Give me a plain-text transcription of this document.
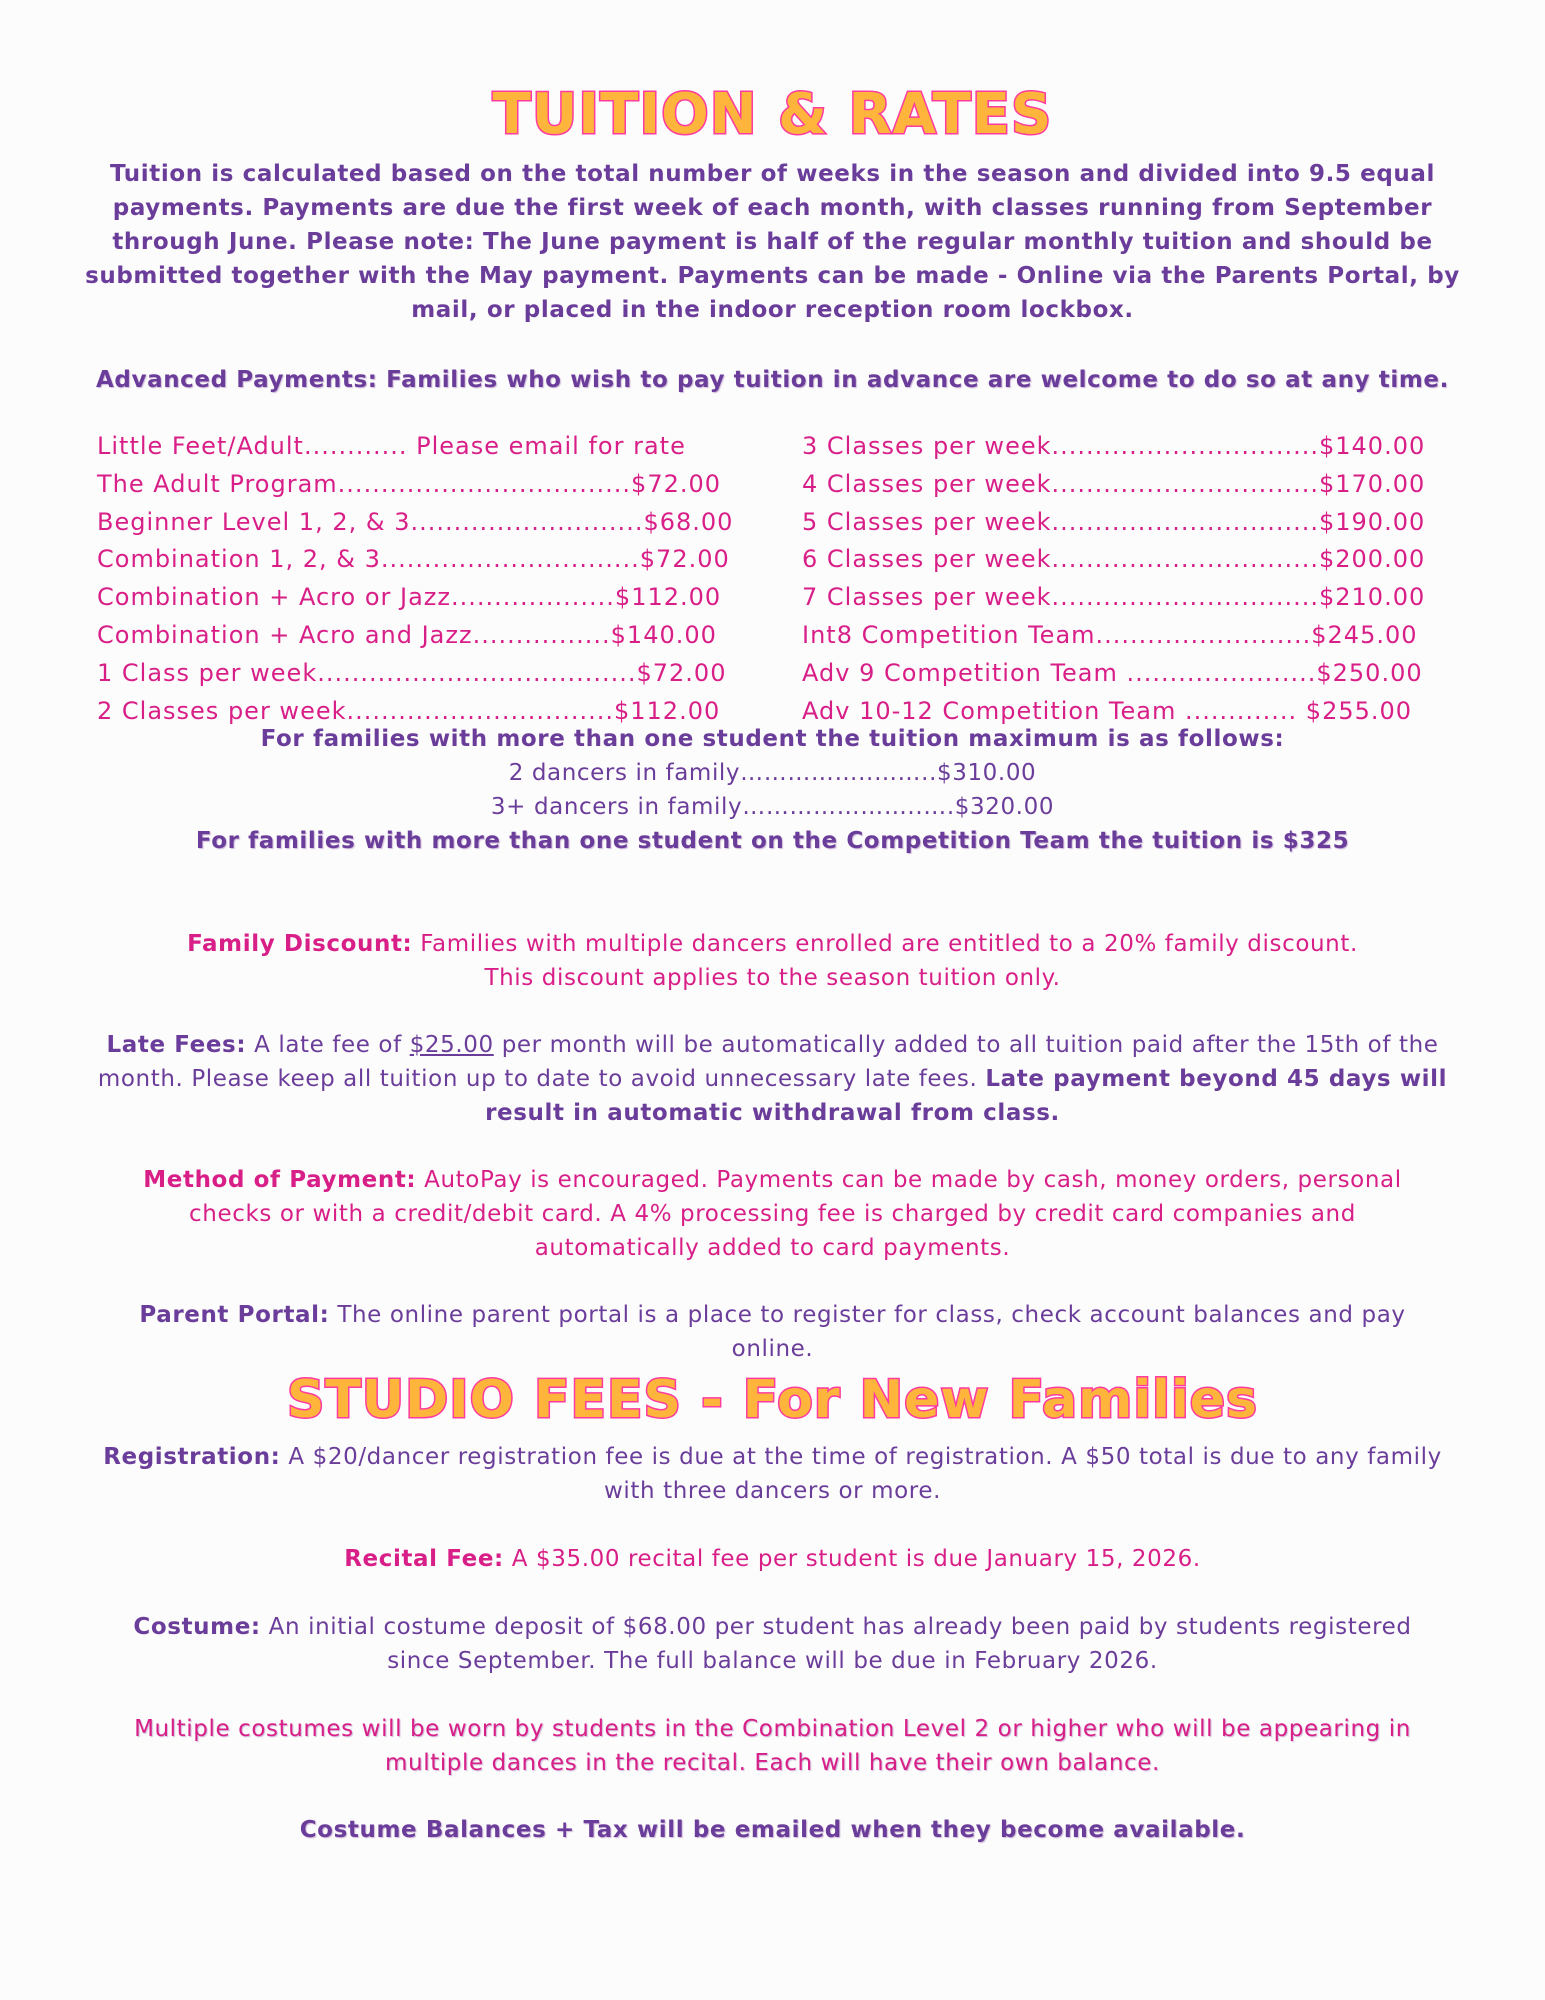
TUITION & RATES
Tuition is calculated based on the total number of weeks in the season and divided into 9.5 equal payments. Payments are due the first week of each month, with classes running from September through June. Please note: The June payment is half of the regular monthly tuition and should be submitted together with the May payment. Payments can be made - Online via the Parents Portal, by mail, or placed in the indoor reception room lockbox.
Advanced Payments: Families who wish to pay tuition in advance are welcome to do so at any time.
Little Feet/Adult............ Please email for rate
The Adult Program..................................$72.00
Beginner Level 1, 2, & 3...........................$68.00
Combination 1, 2, & 3..............................$72.00
Combination + Acro or Jazz...................$112.00
Combination + Acro and Jazz................$140.00
1 Class per week.....................................$72.00
2 Classes per week...............................$112.00
3 Classes per week...............................$140.00
4 Classes per week...............................$170.00
5 Classes per week...............................$190.00
6 Classes per week...............................$200.00
7 Classes per week...............................$210.00
Int8 Competition Team.........................$245.00
Adv 9 Competition Team ......................$250.00
Adv 10-12 Competition Team ............. $255.00
For families with more than one student the tuition maximum is as follows:
2 dancers in family……………..……..$310.00
3+ dancers in family…………………..….$320.00
For families with more than one student on the Competition Team the tuition is $325
Family Discount: Families with multiple dancers enrolled are entitled to a 20% family discount.
This discount applies to the season tuition only.
Late Fees: A late fee of $25.00 per month will be automatically added to all tuition paid after the 15th of the month. Please keep all tuition up to date to avoid unnecessary late fees. Late payment beyond 45 days will result in automatic withdrawal from class.
Method of Payment: AutoPay is encouraged. Payments can be made by cash, money orders, personal checks or with a credit/debit card. A 4% processing fee is charged by credit card companies and automatically added to card payments.
Parent Portal: The online parent portal is a place to register for class, check account balances and pay online.
STUDIO FEES - For New Families
Registration: A $20/dancer registration fee is due at the time of registration. A $50 total is due to any family with three dancers or more.
Recital Fee: A $35.00 recital fee per student is due January 15, 2026.
Costume: An initial costume deposit of $68.00 per student has already been paid by students registered since September. The full balance will be due in February 2026.
Multiple costumes will be worn by students in the Combination Level 2 or higher who will be appearing in multiple dances in the recital. Each will have their own balance.
Costume Balances + Tax will be emailed when they become available.
